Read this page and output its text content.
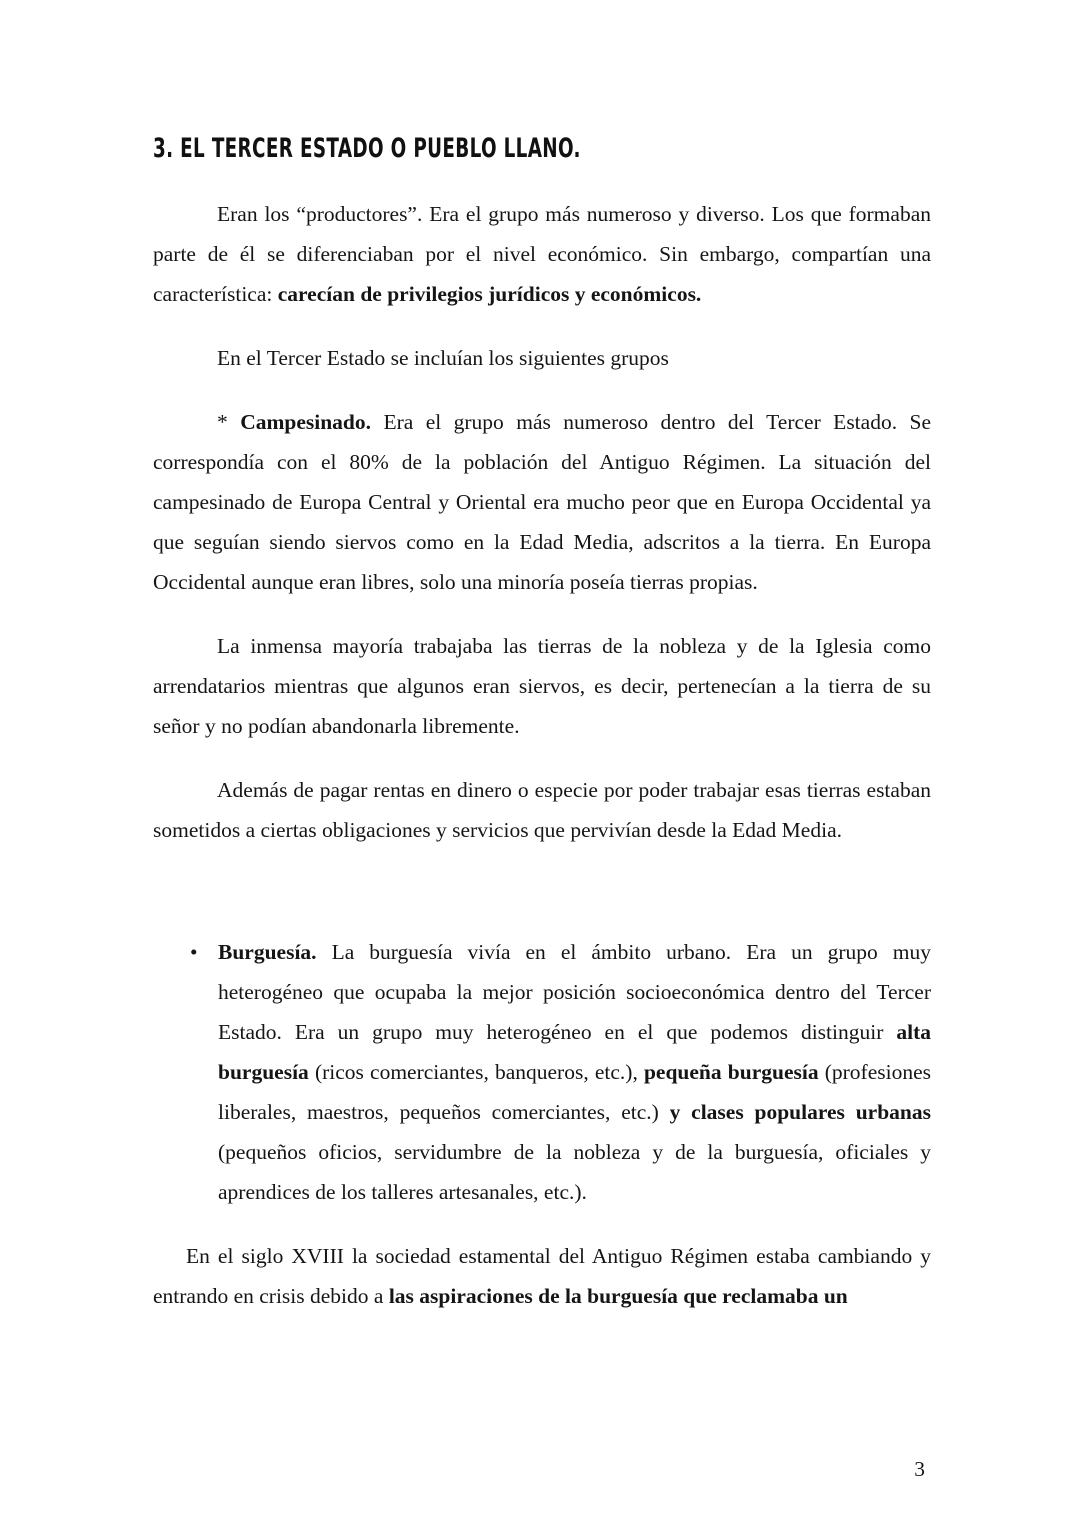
3. EL TERCER ESTADO O PUEBLO LLANO.

Eran los “productores”. Era el grupo más numeroso y diverso. Los que formaban parte de él se diferenciaban por el nivel económico. Sin embargo, compartían una característica: carecían de privilegios jurídicos y económicos.

En el Tercer Estado se incluían los siguientes grupos

* Campesinado. Era el grupo más numeroso dentro del Tercer Estado. Se correspondía con el 80% de la población del Antiguo Régimen. La situación del campesinado de Europa Central y Oriental era mucho peor que en Europa Occidental ya que seguían siendo siervos como en la Edad Media, adscritos a la tierra. En Europa Occidental aunque eran libres, solo una minoría poseía tierras propias.

La inmensa mayoría trabajaba las tierras de la nobleza y de la Iglesia como arrendatarios mientras que algunos eran siervos, es decir, pertenecían a la tierra de su señor y no podían abandonarla libremente.

Además de pagar rentas en dinero o especie por poder trabajar esas tierras estaban sometidos a ciertas obligaciones y servicios que pervivían desde la Edad Media.

• Burguesía. La burguesía vivía en el ámbito urbano. Era un grupo muy heterogéneo que ocupaba la mejor posición socioeconómica dentro del Tercer Estado. Era un grupo muy heterogéneo en el que podemos distinguir alta burguesía (ricos comerciantes, banqueros, etc.), pequeña burguesía (profesiones liberales, maestros, pequeños comerciantes, etc.) y clases populares urbanas (pequeños oficios, servidumbre de la nobleza y de la burguesía, oficiales y aprendices de los talleres artesanales, etc.).

En el siglo XVIII la sociedad estamental del Antiguo Régimen estaba cambiando y entrando en crisis debido a las aspiraciones de la burguesía que reclamaba un

3
